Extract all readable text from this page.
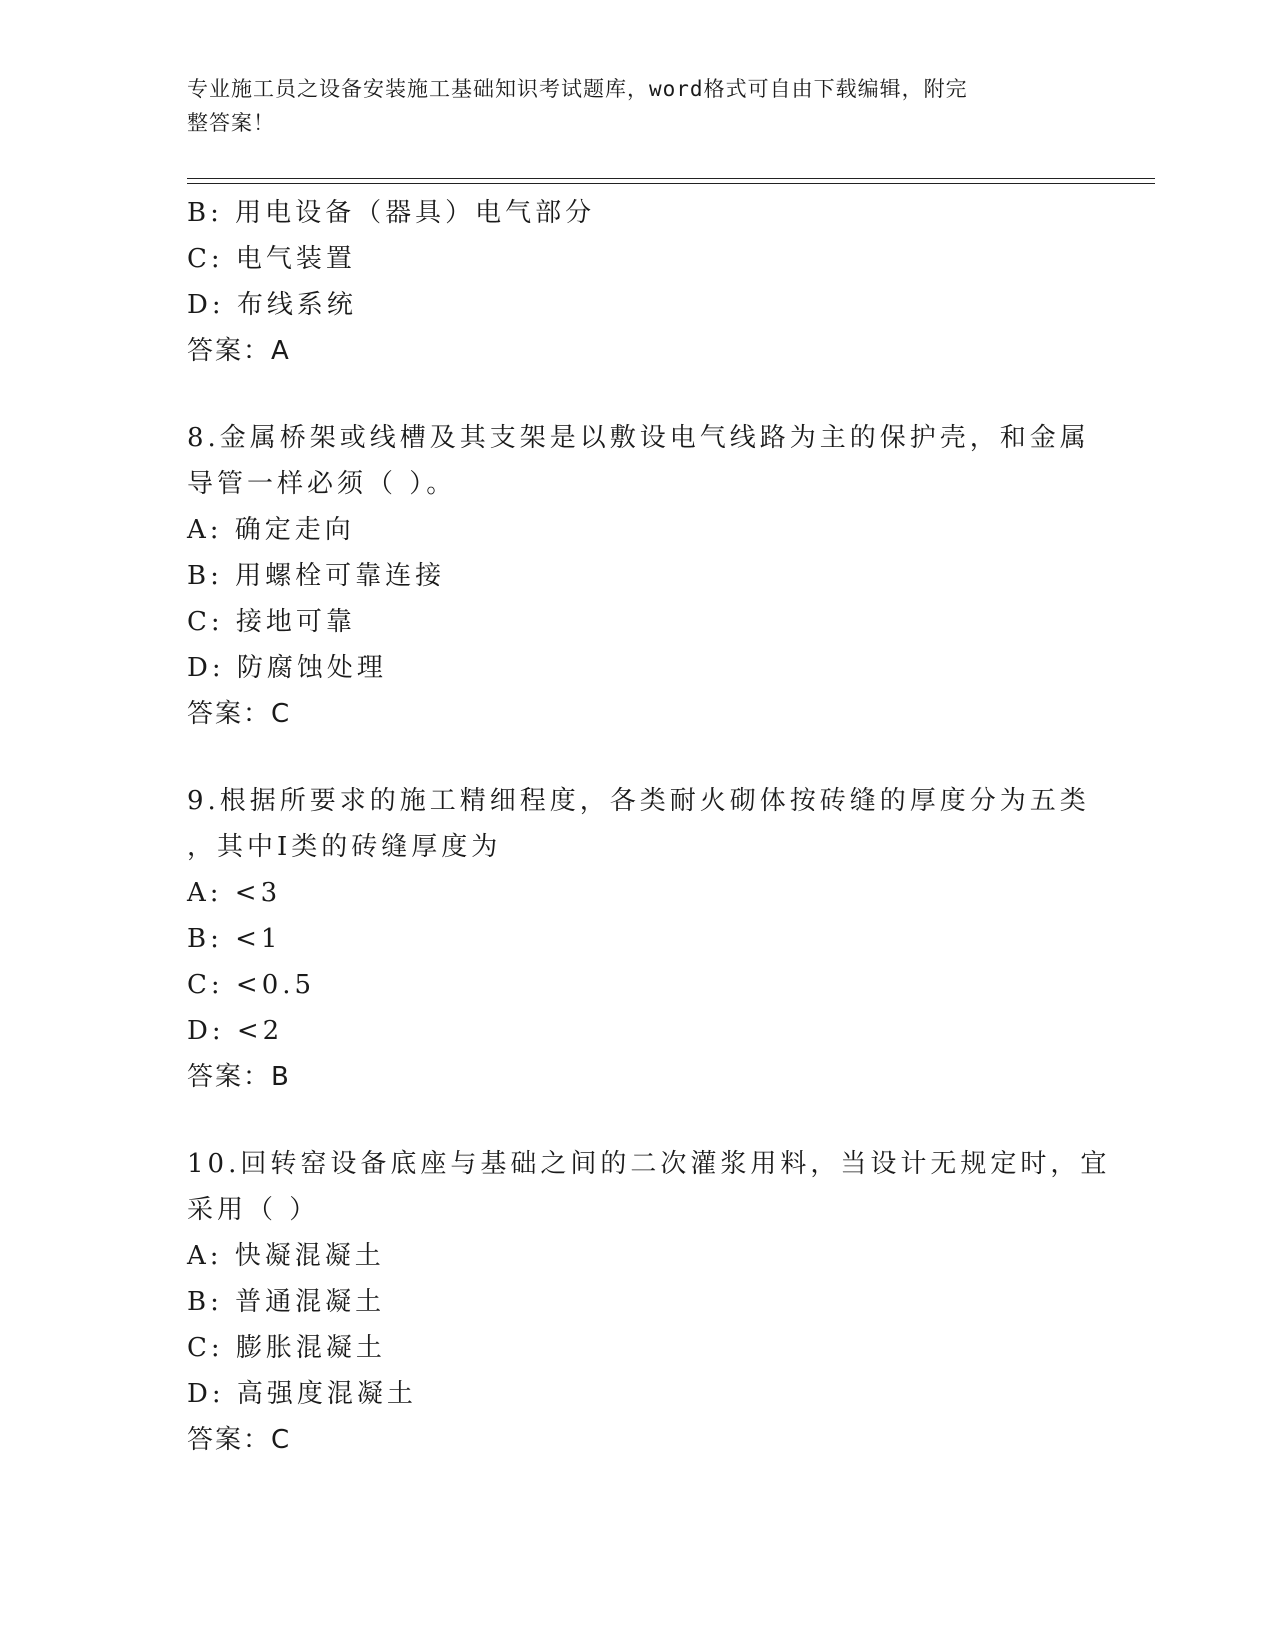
专业施工员之设备安装施工基础知识考试题库，word格式可自由下载编辑，附完
整答案！
B: 用电设备（器具）电气部分
C: 电气装置
D: 布线系统
答案：A
8.金属桥架或线槽及其支架是以敷设电气线路为主的保护壳，和金属
导管一样必须（ ）。
A: 确定走向
B: 用螺栓可靠连接
C: 接地可靠
D: 防腐蚀处理
答案：C
9.根据所要求的施工精细程度，各类耐火砌体按砖缝的厚度分为五类
，其中I类的砖缝厚度为
A: <3
B: <1
C: <0.5
D: <2
答案：B
10.回转窑设备底座与基础之间的二次灌浆用料，当设计无规定时，宜
采用（ ）
A: 快凝混凝土
B: 普通混凝土
C: 膨胀混凝土
D: 高强度混凝土
答案：C
